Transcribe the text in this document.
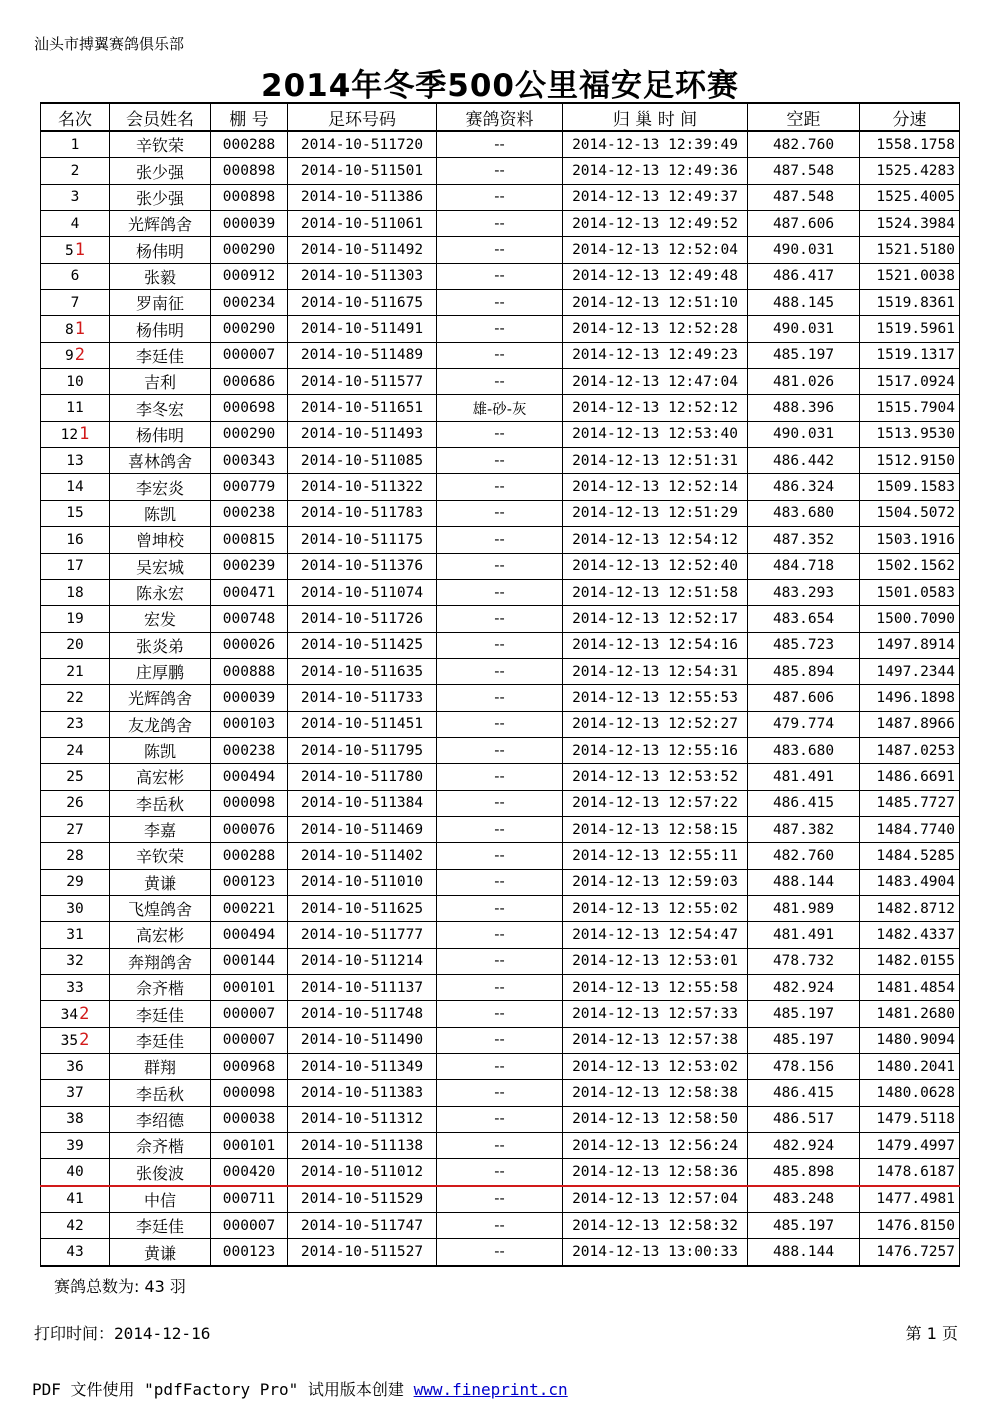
汕头市搏翼赛鸽俱乐部
2014年冬季500公里福安足环赛
名次	会员姓名	棚 号	足环号码	赛鸽资料	归 巢 时 间	空距	分速
1	辛钦荣	000288	2014-10-511720	--	2014-12-13 12:39:49	482.760	1558.1758
2	张少强	000898	2014-10-511501	--	2014-12-13 12:49:36	487.548	1525.4283
3	张少强	000898	2014-10-511386	--	2014-12-13 12:49:37	487.548	1525.4005
4	光辉鸽舍	000039	2014-10-511061	--	2014-12-13 12:49:52	487.606	1524.3984
51	杨伟明	000290	2014-10-511492	--	2014-12-13 12:52:04	490.031	1521.5180
6	张毅	000912	2014-10-511303	--	2014-12-13 12:49:48	486.417	1521.0038
7	罗南征	000234	2014-10-511675	--	2014-12-13 12:51:10	488.145	1519.8361
81	杨伟明	000290	2014-10-511491	--	2014-12-13 12:52:28	490.031	1519.5961
92	李廷佳	000007	2014-10-511489	--	2014-12-13 12:49:23	485.197	1519.1317
10	吉利	000686	2014-10-511577	--	2014-12-13 12:47:04	481.026	1517.0924
11	李冬宏	000698	2014-10-511651	雄-砂-灰	2014-12-13 12:52:12	488.396	1515.7904
121	杨伟明	000290	2014-10-511493	--	2014-12-13 12:53:40	490.031	1513.9530
13	喜林鸽舍	000343	2014-10-511085	--	2014-12-13 12:51:31	486.442	1512.9150
14	李宏炎	000779	2014-10-511322	--	2014-12-13 12:52:14	486.324	1509.1583
15	陈凯	000238	2014-10-511783	--	2014-12-13 12:51:29	483.680	1504.5072
16	曾坤校	000815	2014-10-511175	--	2014-12-13 12:54:12	487.352	1503.1916
17	吴宏城	000239	2014-10-511376	--	2014-12-13 12:52:40	484.718	1502.1562
18	陈永宏	000471	2014-10-511074	--	2014-12-13 12:51:58	483.293	1501.0583
19	宏发	000748	2014-10-511726	--	2014-12-13 12:52:17	483.654	1500.7090
20	张炎弟	000026	2014-10-511425	--	2014-12-13 12:54:16	485.723	1497.8914
21	庄厚鹏	000888	2014-10-511635	--	2014-12-13 12:54:31	485.894	1497.2344
22	光辉鸽舍	000039	2014-10-511733	--	2014-12-13 12:55:53	487.606	1496.1898
23	友龙鸽舍	000103	2014-10-511451	--	2014-12-13 12:52:27	479.774	1487.8966
24	陈凯	000238	2014-10-511795	--	2014-12-13 12:55:16	483.680	1487.0253
25	高宏彬	000494	2014-10-511780	--	2014-12-13 12:53:52	481.491	1486.6691
26	李岳秋	000098	2014-10-511384	--	2014-12-13 12:57:22	486.415	1485.7727
27	李嘉	000076	2014-10-511469	--	2014-12-13 12:58:15	487.382	1484.7740
28	辛钦荣	000288	2014-10-511402	--	2014-12-13 12:55:11	482.760	1484.5285
29	黄谦	000123	2014-10-511010	--	2014-12-13 12:59:03	488.144	1483.4904
30	飞煌鸽舍	000221	2014-10-511625	--	2014-12-13 12:55:02	481.989	1482.8712
31	高宏彬	000494	2014-10-511777	--	2014-12-13 12:54:47	481.491	1482.4337
32	奔翔鸽舍	000144	2014-10-511214	--	2014-12-13 12:53:01	478.732	1482.0155
33	佘齐楷	000101	2014-10-511137	--	2014-12-13 12:55:58	482.924	1481.4854
342	李廷佳	000007	2014-10-511748	--	2014-12-13 12:57:33	485.197	1481.2680
352	李廷佳	000007	2014-10-511490	--	2014-12-13 12:57:38	485.197	1480.9094
36	群翔	000968	2014-10-511349	--	2014-12-13 12:53:02	478.156	1480.2041
37	李岳秋	000098	2014-10-511383	--	2014-12-13 12:58:38	486.415	1480.0628
38	李绍德	000038	2014-10-511312	--	2014-12-13 12:58:50	486.517	1479.5118
39	佘齐楷	000101	2014-10-511138	--	2014-12-13 12:56:24	482.924	1479.4997
40	张俊波	000420	2014-10-511012	--	2014-12-13 12:58:36	485.898	1478.6187
41	中信	000711	2014-10-511529	--	2014-12-13 12:57:04	483.248	1477.4981
42	李廷佳	000007	2014-10-511747	--	2014-12-13 12:58:32	485.197	1476.8150
43	黄谦	000123	2014-10-511527	--	2014-12-13 13:00:33	488.144	1476.7257
赛鸽总数为: 43 羽
打印时间：2014-12-16	第 1 页
PDF 文件使用 "pdfFactory Pro" 试用版本创建 www.fineprint.cn
